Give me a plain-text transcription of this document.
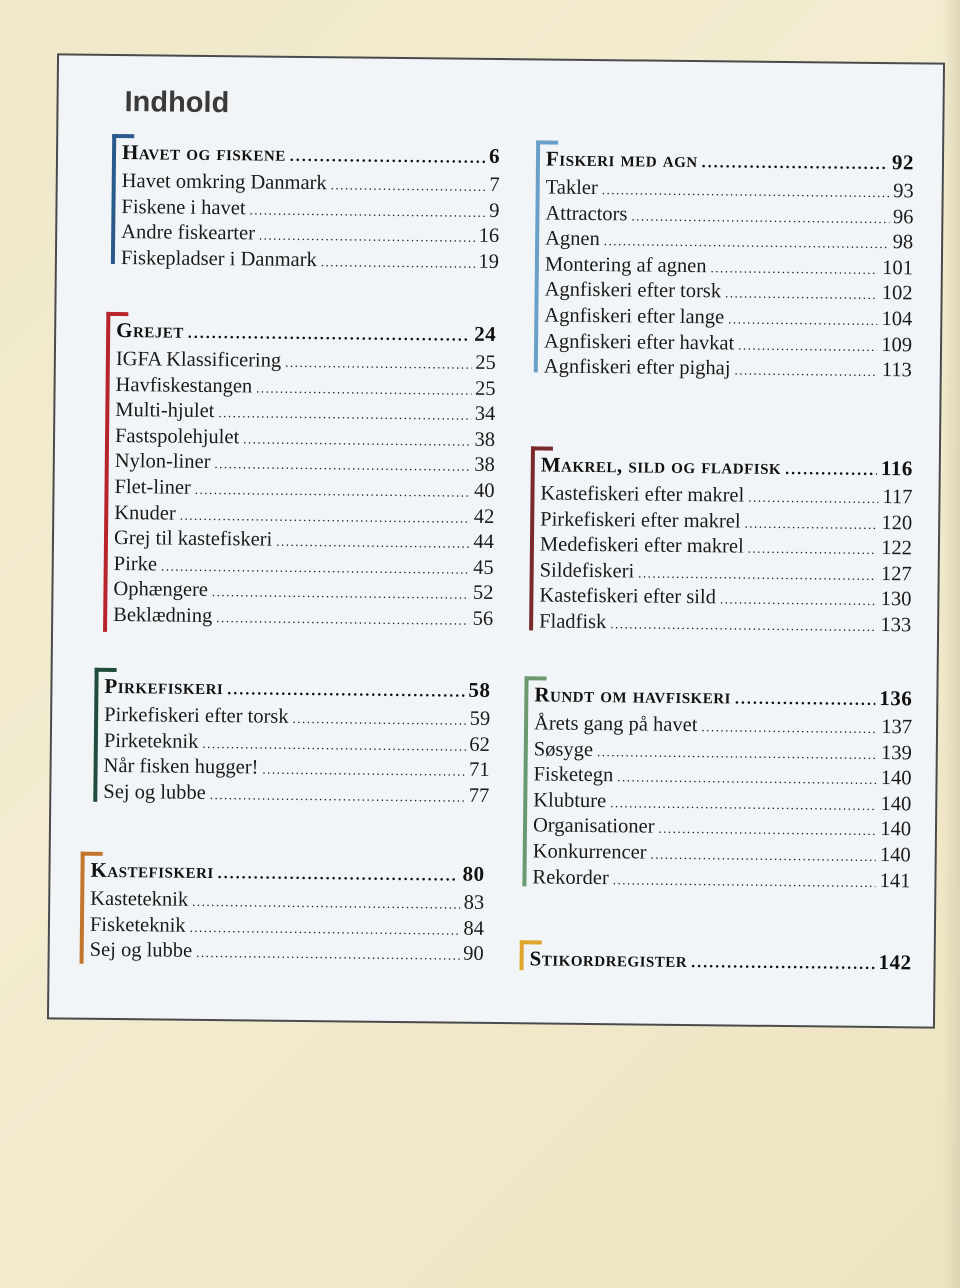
Indhold
Havet og fiskene .....	6
Havet omkring Danmark .....	7
Fiskene i havet .....	9
Andre fiskearter .....	16
Fiskepladser i Danmark .....	19
Grejet .....	24
IGFA Klassificering .....	25
Havfiskestangen .....	25
Multi-hjulet .....	34
Fastspolehjulet .....	38
Nylon-liner .....	38
Flet-liner .....	40
Knuder .....	42
Grej til kastefiskeri .....	44
Pirke .....	45
Ophængere .....	52
Beklædning .....	56
Pirkefiskeri .....	58
Pirkefiskeri efter torsk .....	59
Pirketeknik .....	62
Når fisken hugger! .....	71
Sej og lubbe .....	77
Kastefiskeri .....	80
Kasteteknik .....	83
Fisketeknik .....	84
Sej og lubbe .....	90
Fiskeri med agn .....	92
Takler .....	93
Attractors .....	96
Agnen .....	98
Montering af agnen .....	101
Agnfiskeri efter torsk .....	102
Agnfiskeri efter lange .....	104
Agnfiskeri efter havkat .....	109
Agnfiskeri efter pighaj .....	113
Makrel, sild og fladfisk .....	116
Kastefiskeri efter makrel .....	117
Pirkefiskeri efter makrel .....	120
Medefiskeri efter makrel .....	122
Sildefiskeri .....	127
Kastefiskeri efter sild .....	130
Fladfisk .....	133
Rundt om havfiskeri .....	136
Årets gang på havet .....	137
Søsyge .....	139
Fisketegn .....	140
Klubture .....	140
Organisationer .....	140
Konkurrencer .....	140
Rekorder .....	141
Stikordregister .....	142
